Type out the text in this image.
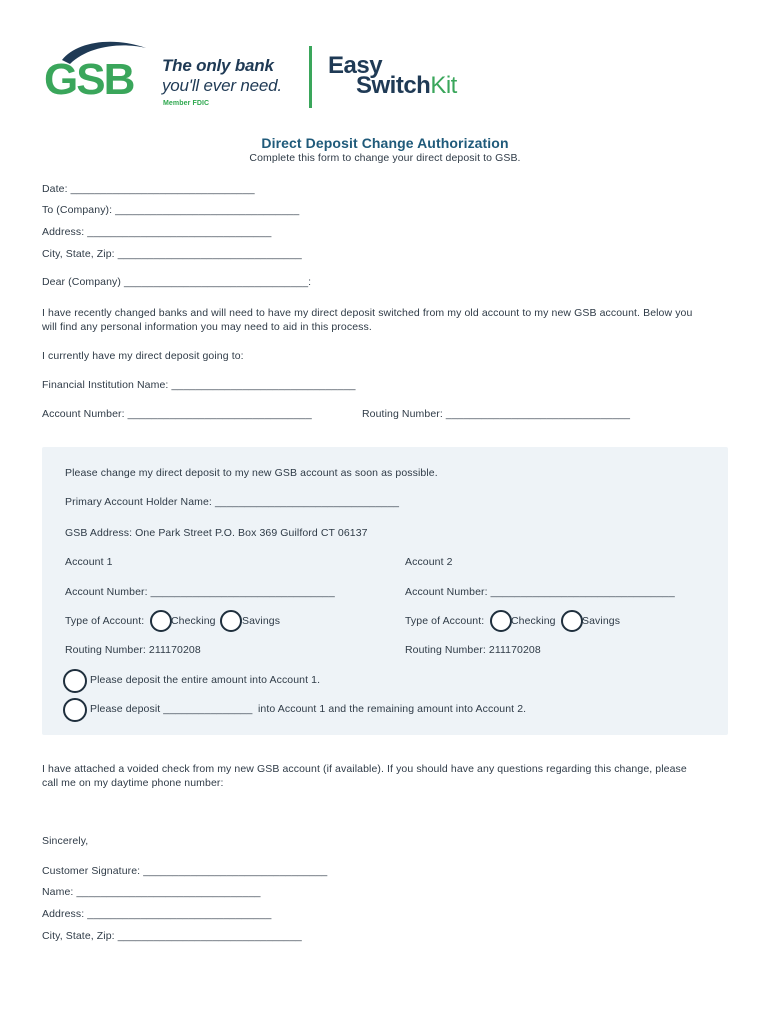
GSB The only bank
you'll ever need.
Member FDIC
Easy
SwitchKit
Direct Deposit Change Authorization
Complete this form to change your direct deposit to GSB.
Date: _______________________________
To (Company): _______________________________
Address: _______________________________
City, State, Zip: _______________________________
Dear (Company) _______________________________:
I have recently changed banks and will need to have my direct deposit switched from my old account to my new GSB account. Below you
will find any personal information you may need to aid in this process.
I currently have my direct deposit going to:
Financial Institution Name: _______________________________
Account Number: _______________________________	Routing Number: _______________________________
Please change my direct deposit to my new GSB account as soon as possible.
Primary Account Holder Name: _______________________________
GSB Address: One Park Street P.O. Box 369 Guilford CT 06137
Account 1
Account Number: _______________________________
Type of Account:	Checking	Savings
Routing Number: 211170208
Account 2
Account Number: _______________________________
Type of Account:	Checking	Savings
Routing Number: 211170208
Please deposit the entire amount into Account 1.
Please deposit _______________ into Account 1 and the remaining amount into Account 2.
I have attached a voided check from my new GSB account (if available). If you should have any questions regarding this change, please
call me on my daytime phone number:
Sincerely,
Customer Signature: _______________________________
Name: _______________________________
Address: _______________________________
City, State, Zip: _______________________________
